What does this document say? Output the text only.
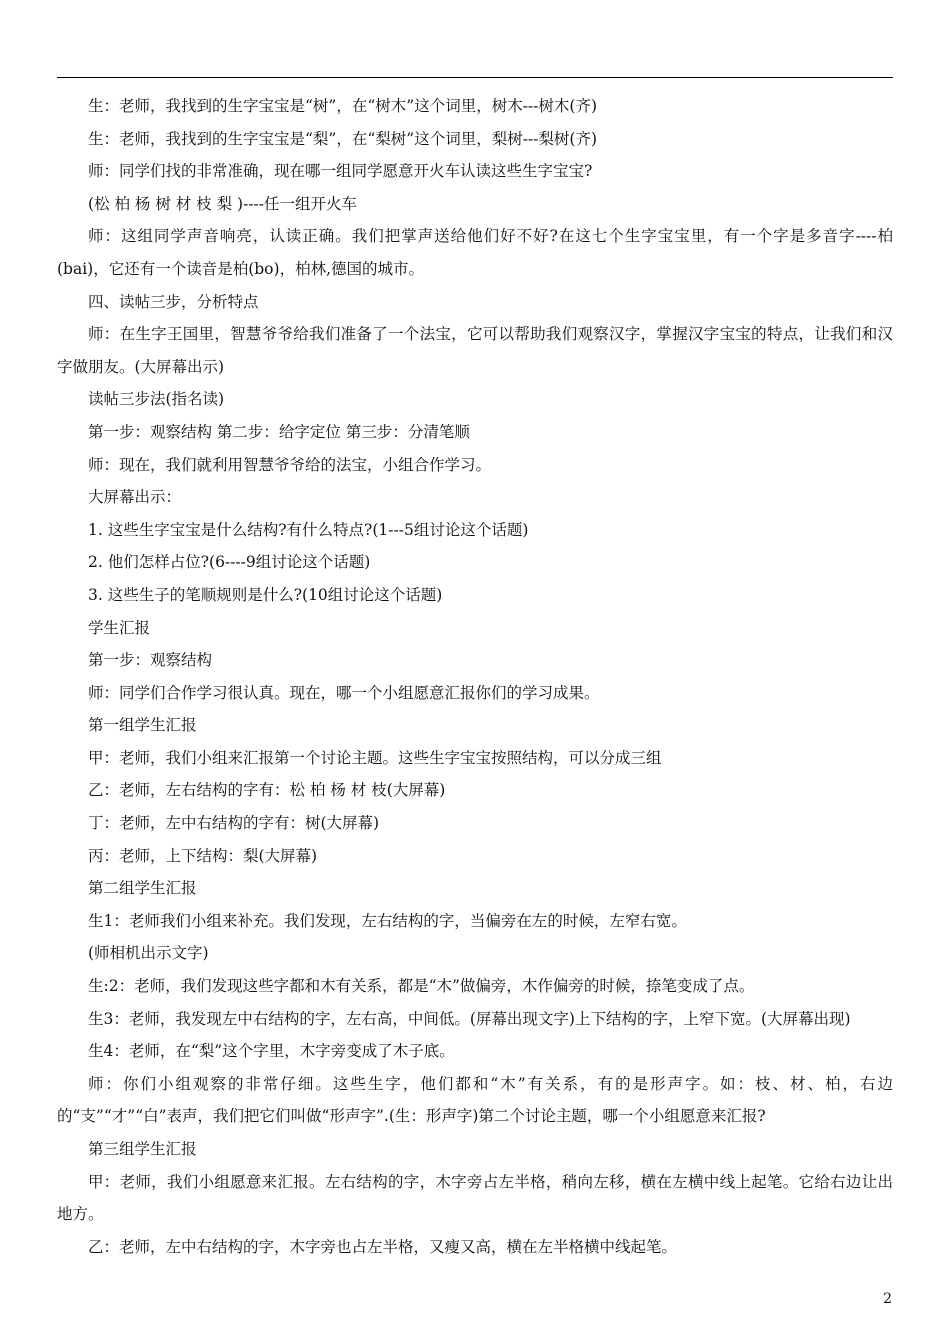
生：老师，我找到的生字宝宝是“树”，在“树木”这个词里，树木---树木(齐)

生：老师，我找到的生字宝宝是“梨”，在“梨树”这个词里，梨树---梨树(齐)

师：同学们找的非常准确，现在哪一组同学愿意开火车认读这些生字宝宝?

(松 柏 杨 树 材 枝 梨 )----任一组开火车

师：这组同学声音响亮，认读正确。我们把掌声送给他们好不好?在这七个生字宝宝里，有一个字是多音字----柏(bai)，它还有一个读音是柏(bo)，柏林,德国的城市。

四、读帖三步，分析特点

师：在生字王国里，智慧爷爷给我们准备了一个法宝，它可以帮助我们观察汉字，掌握汉字宝宝的特点，让我们和汉字做朋友。(大屏幕出示)

读帖三步法(指名读)

第一步：观察结构 第二步：给字定位 第三步：分清笔顺

师：现在，我们就利用智慧爷爷给的法宝，小组合作学习。

大屏幕出示：

1. 这些生字宝宝是什么结构?有什么特点?(1---5组讨论这个话题)

2. 他们怎样占位?(6----9组讨论这个话题)

3. 这些生子的笔顺规则是什么?(10组讨论这个话题)

学生汇报

第一步：观察结构

师：同学们合作学习很认真。现在，哪一个小组愿意汇报你们的学习成果。

第一组学生汇报

甲：老师，我们小组来汇报第一个讨论主题。这些生字宝宝按照结构，可以分成三组

乙：老师，左右结构的字有：松 柏 杨 材 枝(大屏幕)

丁：老师，左中右结构的字有：树(大屏幕)

丙：老师，上下结构：梨(大屏幕)

第二组学生汇报

生1：老师我们小组来补充。我们发现，左右结构的字，当偏旁在左的时候，左窄右宽。

(师相机出示文字)

生:2：老师，我们发现这些字都和木有关系，都是“木”做偏旁，木作偏旁的时候，捺笔变成了点。

生3：老师，我发现左中右结构的字，左右高，中间低。(屏幕出现文字)上下结构的字，上窄下宽。(大屏幕出现)

生4：老师，在“梨”这个字里，木字旁变成了木子底。

师：你们小组观察的非常仔细。这些生字，他们都和“木”有关系，有的是形声字。如：枝、材、柏，右边的“支”“才”“白”表声，我们把它们叫做“形声字”.(生：形声字)第二个讨论主题，哪一个小组愿意来汇报?

第三组学生汇报

甲：老师，我们小组愿意来汇报。左右结构的字，木字旁占左半格，稍向左移，横在左横中线上起笔。它给右边让出地方。

乙：老师，左中右结构的字，木字旁也占左半格，又瘦又高，横在左半格横中线起笔。

2
